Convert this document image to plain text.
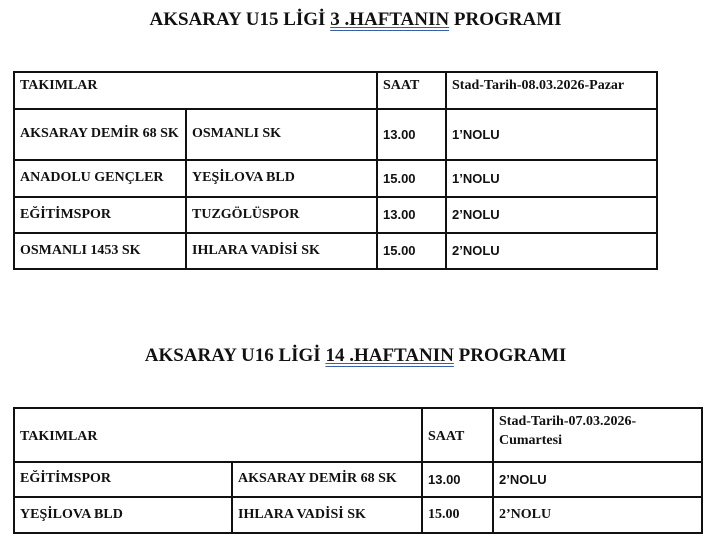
AKSARAY U15 LİGİ 3 .HAFTANIN PROGRAMI
TAKIMLAR		SAAT	Stad-Tarih-08.03.2026-Pazar
AKSARAY DEMİR 68 SK	OSMANLI SK	13.00	1’NOLU
ANADOLU GENÇLER	YEŞİLOVA BLD	15.00	1’NOLU
EĞİTİMSPOR	TUZGÖLÜSPOR	13.00	2’NOLU
OSMANLI 1453 SK	IHLARA VADİSİ SK	15.00	2’NOLU
AKSARAY U16 LİGİ 14 .HAFTANIN PROGRAMI
TAKIMLAR		SAAT	Stad-Tarih-07.03.2026-Cumartesi
EĞİTİMSPOR	AKSARAY DEMİR 68 SK	13.00	2’NOLU
YEŞİLOVA BLD	IHLARA VADİSİ SK	15.00	2’NOLU
